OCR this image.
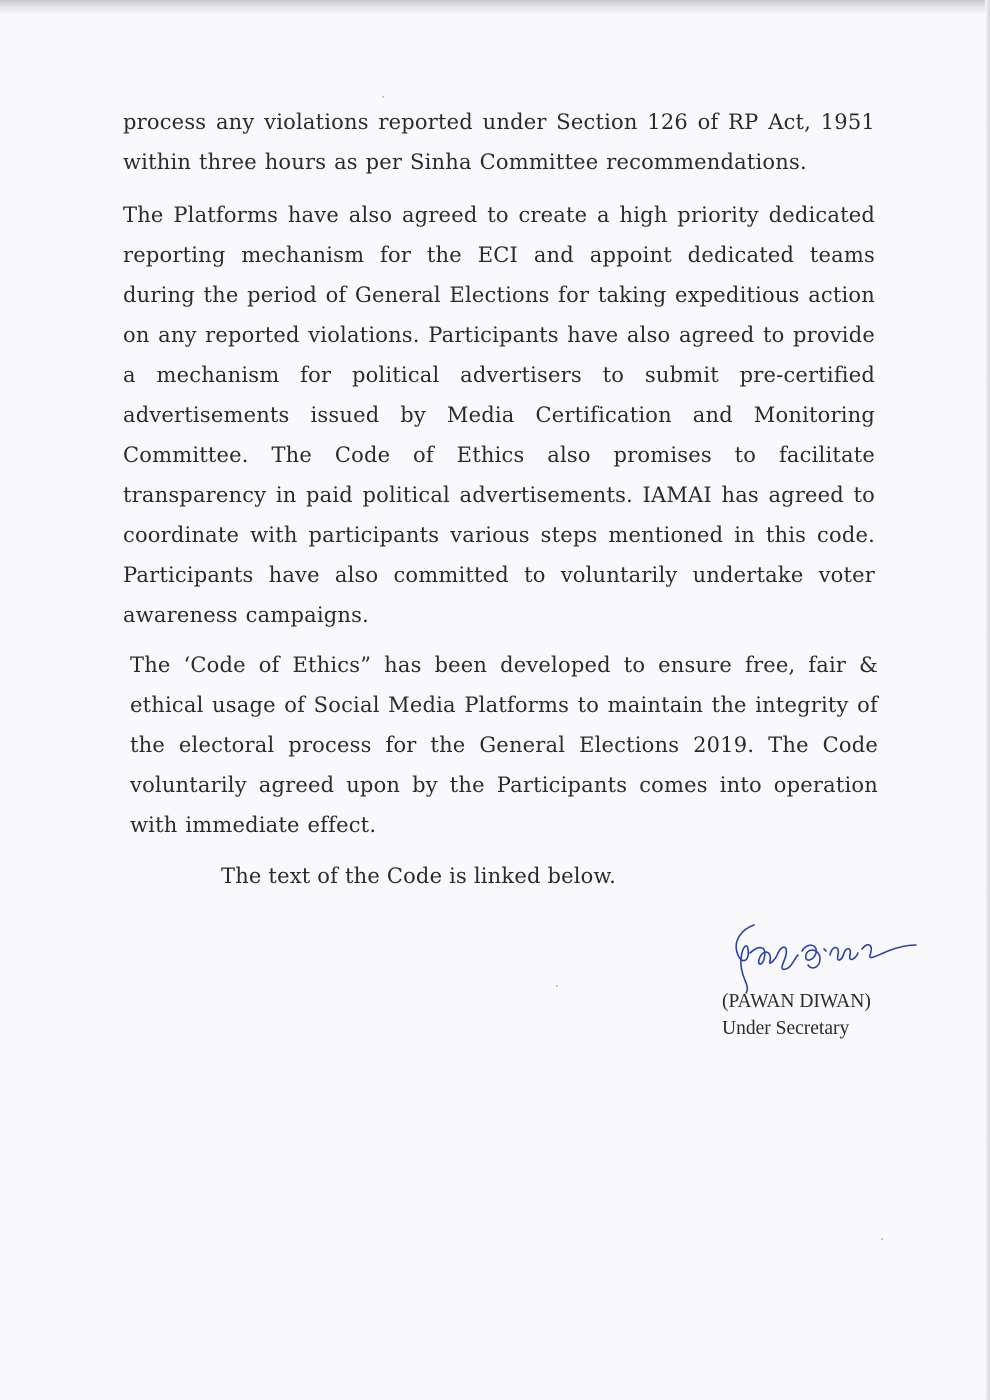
process any violations reported under Section 126 of RP Act, 1951 within three hours as per Sinha Committee recommendations.

The Platforms have also agreed to create a high priority dedicated reporting mechanism for the ECI and appoint dedicated teams during the period of General Elections for taking expeditious action on any reported violations. Participants have also agreed to provide a mechanism for political advertisers to submit pre-certified advertisements issued by Media Certification and Monitoring Committee. The Code of Ethics also promises to facilitate transparency in paid political advertisements. IAMAI has agreed to coordinate with participants various steps mentioned in this code. Participants have also committed to voluntarily undertake voter awareness campaigns.

The ‘Code of Ethics” has been developed to ensure free, fair & ethical usage of Social Media Platforms to maintain the integrity of the electoral process for the General Elections 2019. The Code voluntarily agreed upon by the Participants comes into operation with immediate effect.

The text of the Code is linked below.

(PAWAN DIWAN)
Under Secretary
